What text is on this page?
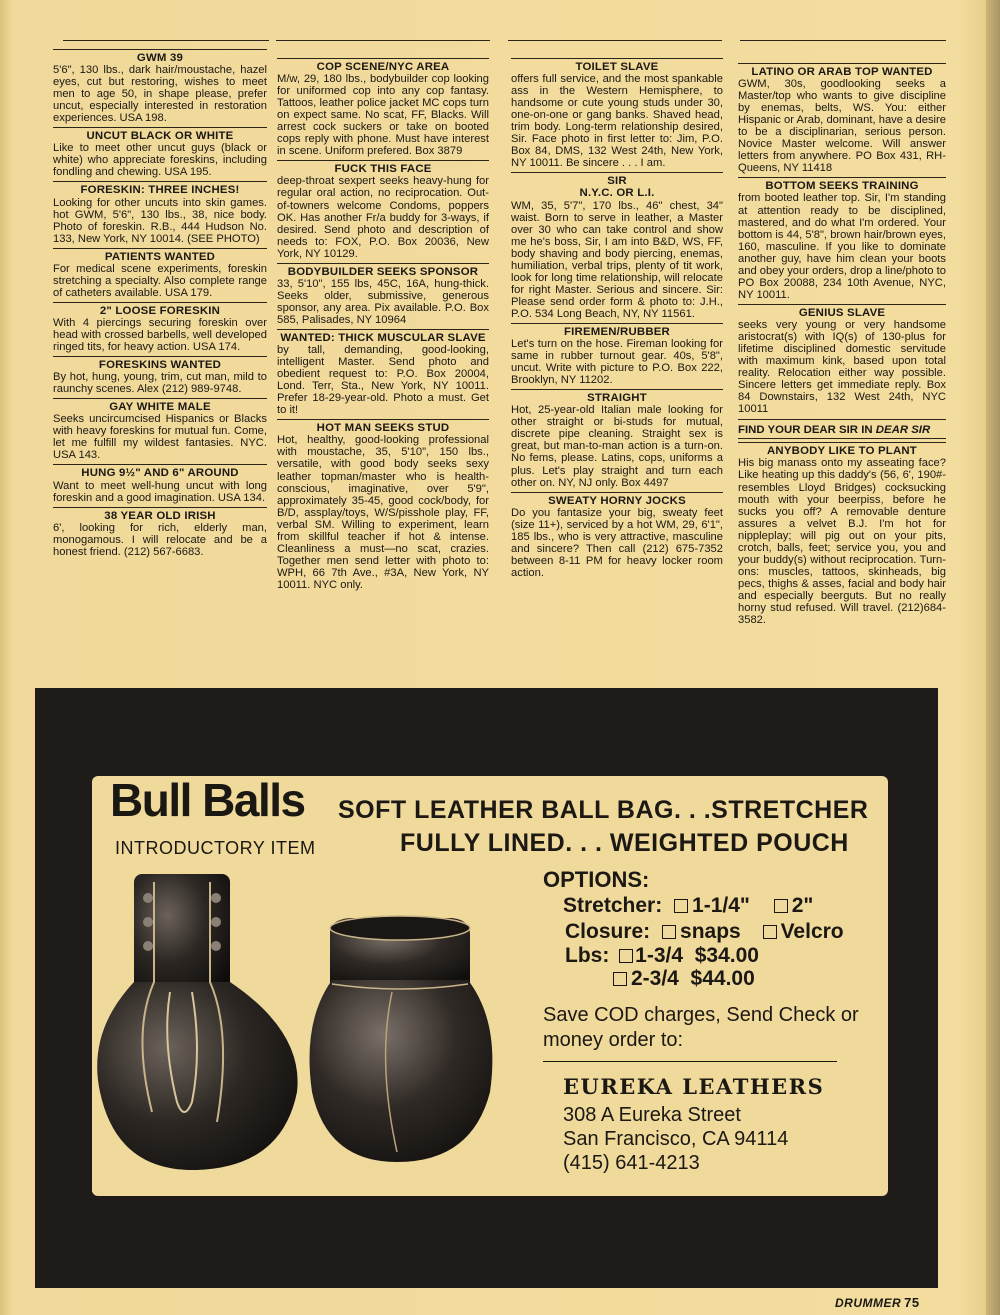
GWM 39
5'6", 130 lbs., dark hair/moustache, hazel eyes, cut but restoring, wishes to meet men to age 50, in shape please, prefer uncut, especially interested in restoration experiences. USA 198.
UNCUT BLACK OR WHITE
Like to meet other uncut guys (black or white) who appreciate foreskins, including fondling and chewing. USA 195.
FORESKIN: THREE INCHES!
Looking for other uncuts into skin games. hot GWM, 5'6", 130 lbs., 38, nice body. Photo of foreskin. R.B., 444 Hudson No. 133, New York, NY 10014. (SEE PHOTO)
PATIENTS WANTED
For medical scene experiments, foreskin stretching a specialty. Also complete range of catheters available. USA 179.
2" LOOSE FORESKIN
With 4 piercings securing foreskin over head with crossed barbells, well developed ringed tits, for heavy action. USA 174.
FORESKINS WANTED
By hot, hung, young, trim, cut man, mild to raunchy scenes. Alex (212) 989-9748.
GAY WHITE MALE
Seeks uncircumcised Hispanics or Blacks with heavy foreskins for mutual fun. Come, let me fulfill my wildest fantasies. NYC. USA 143.
HUNG 9½" AND 6" AROUND
Want to meet well-hung uncut with long foreskin and a good imagination. USA 134.
38 YEAR OLD IRISH
6', looking for rich, elderly man, monogamous. I will relocate and be a honest friend. (212) 567-6683.
COP SCENE/NYC AREA
M/w, 29, 180 lbs., bodybuilder cop looking for uniformed cop into any cop fantasy. Tattoos, leather police jacket MC cops turn on expect same. No scat, FF, Blacks. Will arrest cock suckers or take on booted cops reply with phone. Must have interest in scene. Uniform prefered. Box 3879
FUCK THIS FACE
deep-throat sexpert seeks heavy-hung for regular oral action, no reciprocation. Out-of-towners welcome Condoms, poppers OK. Has another Fr/a buddy for 3-ways, if desired. Send photo and description of needs to: FOX, P.O. Box 20036, New York, NY 10129.
BODYBUILDER SEEKS SPONSOR
33, 5'10", 155 lbs, 45C, 16A, hung-thick. Seeks older, submissive, generous sponsor, any area. Pix available. P.O. Box 585, Palisades, NY 10964
WANTED: THICK MUSCULAR SLAVE
by tall, demanding, good-looking, intelligent Master. Send photo and obedient request to: P.O. Box 20004, Lond. Terr, Sta., New York, NY 10011. Prefer 18-29-year-old. Photo a must. Get to it!
HOT MAN SEEKS STUD
Hot, healthy, good-looking professional with moustache, 35, 5'10", 150 lbs., versatile, with good body seeks sexy leather topman/master who is health-conscious, imaginative, over 5'9", approximately 35-45, good cock/body, for B/D, assplay/toys, W/S/pisshole play, FF, verbal SM. Willing to experiment, learn from skillful teacher if hot & intense. Cleanliness a must—no scat, crazies. Together men send letter with photo to: WPH, 66 7th Ave., #3A, New York, NY 10011. NYC only.
TOILET SLAVE
offers full service, and the most spankable ass in the Western Hemisphere, to handsome or cute young studs under 30, one-on-one or gang banks. Shaved head, trim body. Long-term relationship desired, Sir. Face photo in first letter to: Jim, P.O. Box 84, DMS, 132 West 24th, New York, NY 10011. Be sincere . . . I am.
SIR
N.Y.C. OR L.I.
WM, 35, 5'7", 170 lbs., 46" chest, 34" waist. Born to serve in leather, a Master over 30 who can take control and show me he's boss, Sir, I am into B&D, WS, FF, body shaving and body piercing, enemas, humiliation, verbal trips, plenty of tit work, look for long time relationship, will relocate for right Master. Serious and sincere. Sir: Please send order form & photo to: J.H., P.O. 534 Long Beach, NY, NY 11561.
FIREMEN/RUBBER
Let's turn on the hose. Fireman looking for same in rubber turnout gear. 40s, 5'8", uncut. Write with picture to P.O. Box 222, Brooklyn, NY 11202.
STRAIGHT
Hot, 25-year-old Italian male looking for other straight or bi-studs for mutual, discrete pipe cleaning. Straight sex is great, but man-to-man action is a turn-on. No fems, please. Latins, cops, uniforms a plus. Let's play straight and turn each other on. NY, NJ only. Box 4497
SWEATY HORNY JOCKS
Do you fantasize your big, sweaty feet (size 11+), serviced by a hot WM, 29, 6'1", 185 lbs., who is very attractive, masculine and sincere? Then call (212) 675-7352 between 8-11 PM for heavy locker room action.
LATINO OR ARAB TOP WANTED
GWM, 30s, goodlooking seeks a Master/top who wants to give discipline by enemas, belts, WS. You: either Hispanic or Arab, dominant, have a desire to be a disciplinarian, serious person. Novice Master welcome. Will answer letters from anywhere. PO Box 431, RH-Queens, NY 11418
BOTTOM SEEKS TRAINING
from booted leather top. Sir, I'm standing at attention ready to be disciplined, mastered, and do what I'm ordered. Your bottom is 44, 5'8", brown hair/brown eyes, 160, masculine. If you like to dominate another guy, have him clean your boots and obey your orders, drop a line/photo to PO Box 20088, 234 10th Avenue, NYC, NY 10011.
GENIUS SLAVE
seeks very young or very handsome aristocrat(s) with IQ(s) of 130-plus for lifetime disciplined domestic servitude with maximum kink, based upon total reality. Relocation either way possible. Sincere letters get immediate reply. Box 84 Downstairs, 132 West 24th, NYC 10011
FIND YOUR DEAR SIR IN DEAR SIR
ANYBODY LIKE TO PLANT
His big manass onto my asseating face? Like heating up this daddy's (56, 6', 190#-resembles Lloyd Bridges) cocksucking mouth with your beerpiss, before he sucks you off? A removable denture assures a velvet B.J. I'm hot for nippleplay; will pig out on your pits, crotch, balls, feet; service you, you and your buddy(s) without reciprocation. Turn-ons: muscles, tattoos, skinheads, big pecs, thighs & asses, facial and body hair and especially beerguts. But no really horny stud refused. Will travel. (212)684-3582.
Bull Balls
INTRODUCTORY ITEM
SOFT LEATHER BALL BAG. . .STRETCHER
FULLY LINED. . . WEIGHTED POUCH
OPTIONS:
Stretcher: 1-1/4" 2"
Closure: snaps Velcro
Lbs: 1-3/4  $34.00
2-3/4  $44.00
Save COD charges, Send Check or money order to:
EUREKA LEATHERS
308 A Eureka Street
San Francisco, CA 94114
(415) 641-4213
DRUMMER 75
